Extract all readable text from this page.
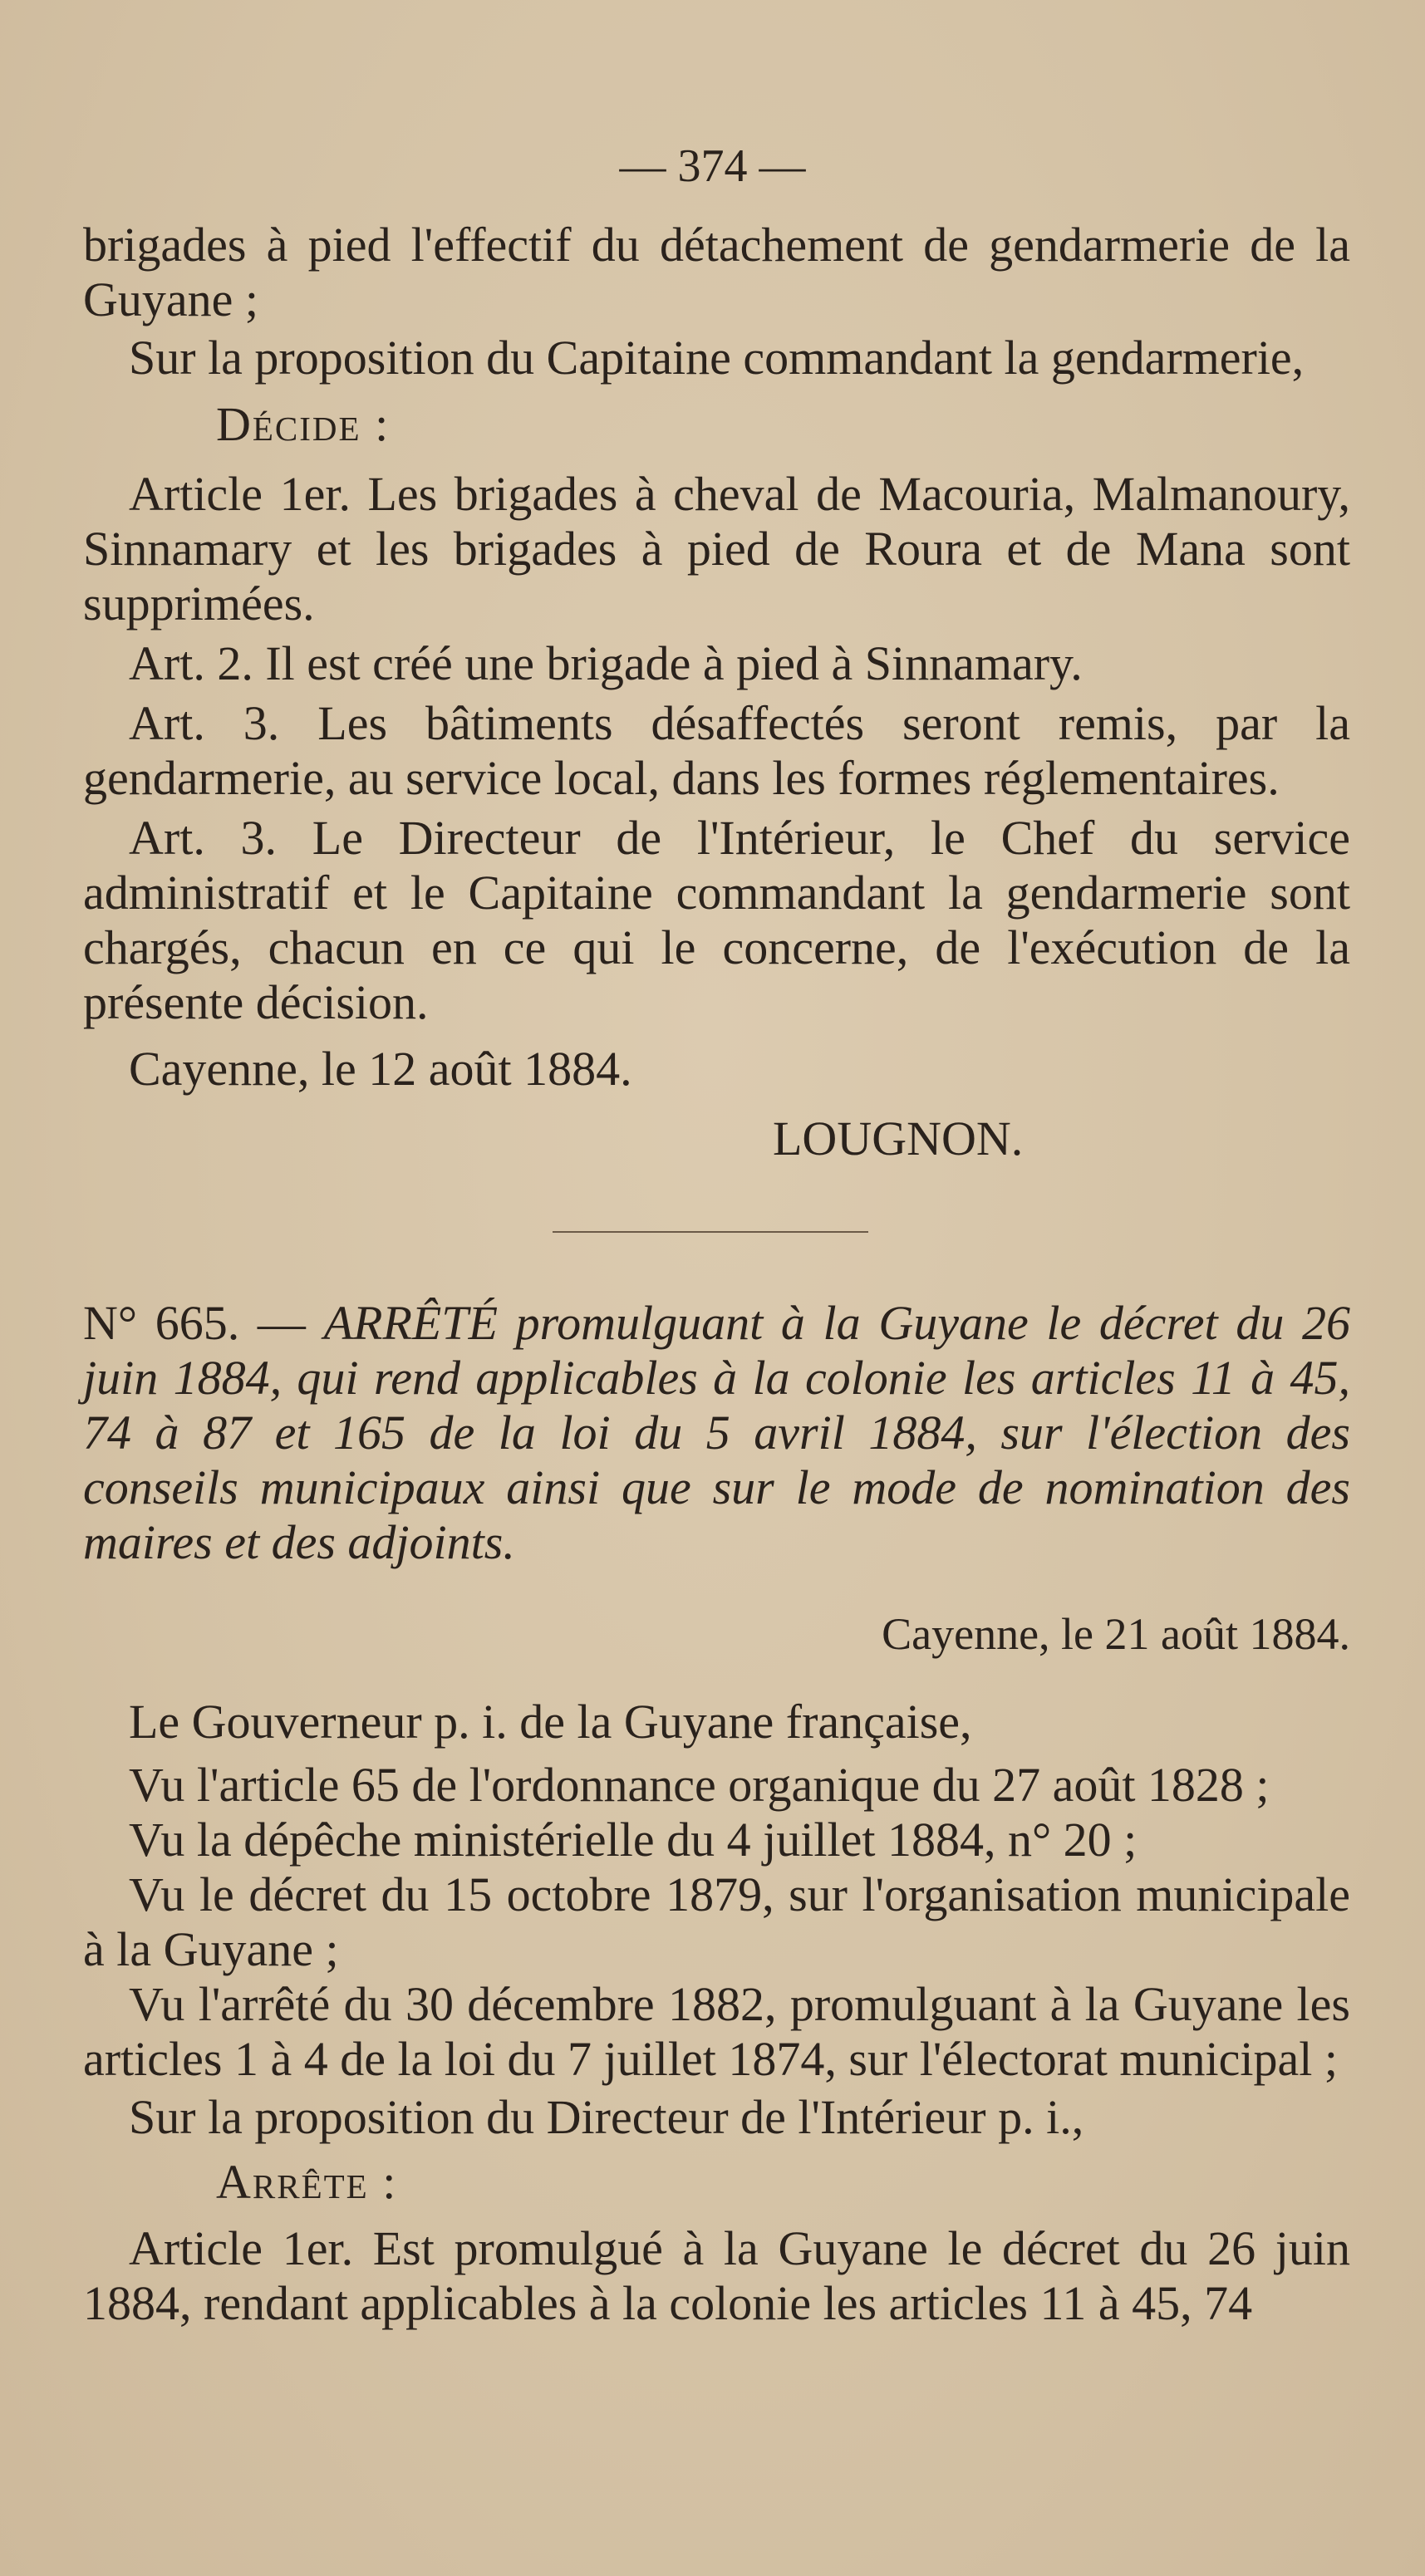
— 374 —

brigades à pied l'effectif du détachement de gendarmerie de la Guyane ;

Sur la proposition du Capitaine commandant la gendarmerie,

Décide :

Article 1er. Les brigades à cheval de Macouria, Malmanoury, Sinnamary et les brigades à pied de Roura et de Mana sont supprimées.

Art. 2. Il est créé une brigade à pied à Sinnamary.

Art. 3. Les bâtiments désaffectés seront remis, par la gendarmerie, au service local, dans les formes réglementaires.

Art. 3. Le Directeur de l'Intérieur, le Chef du service administratif et le Capitaine commandant la gendarmerie sont chargés, chacun en ce qui le concerne, de l'exécution de la présente décision.

Cayenne, le 12 août 1884.

LOUGNON.

N° 665. — ARRÊTÉ promulguant à la Guyane le décret du 26 juin 1884, qui rend applicables à la colonie les articles 11 à 45, 74 à 87 et 165 de la loi du 5 avril 1884, sur l'élection des conseils municipaux ainsi que sur le mode de nomination des maires et des adjoints.

Cayenne, le 21 août 1884.

Le Gouverneur p. i. de la Guyane française,

Vu l'article 65 de l'ordonnance organique du 27 août 1828 ;

Vu la dépêche ministérielle du 4 juillet 1884, n° 20 ;

Vu le décret du 15 octobre 1879, sur l'organisation municipale à la Guyane ;

Vu l'arrêté du 30 décembre 1882, promulguant à la Guyane les articles 1 à 4 de la loi du 7 juillet 1874, sur l'électorat municipal ;

Sur la proposition du Directeur de l'Intérieur p. i.,

Arrête :

Article 1er. Est promulgué à la Guyane le décret du 26 juin 1884, rendant applicables à la colonie les articles 11 à 45, 74
